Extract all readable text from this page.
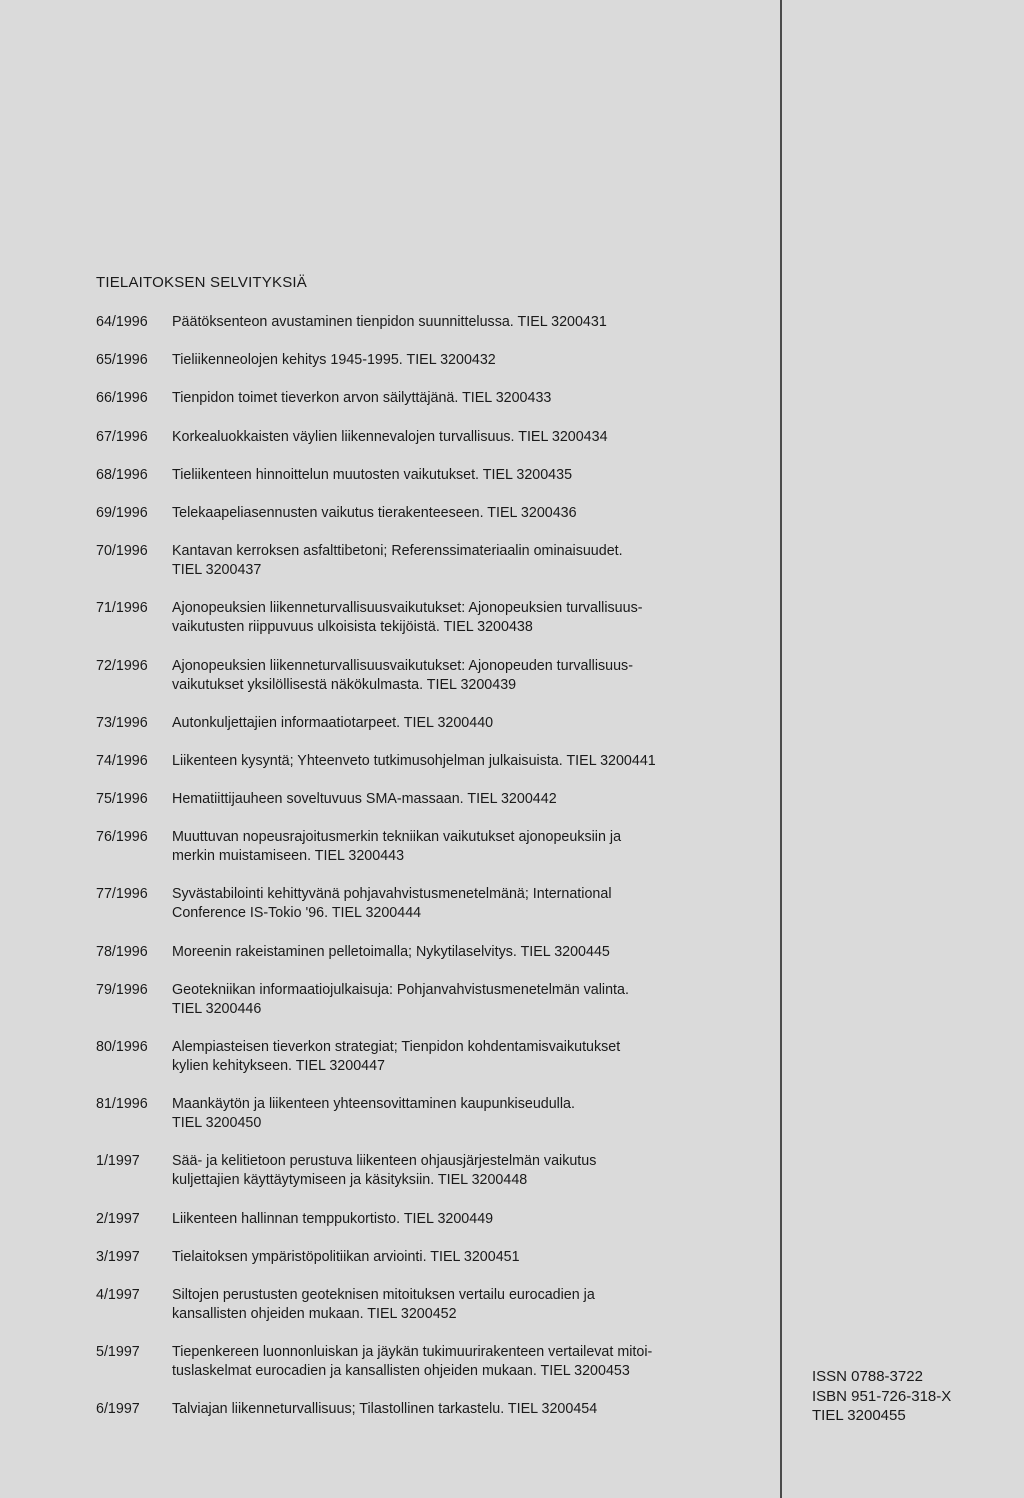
TIELAITOKSEN SELVITYKSIÄ
64/1996	Päätöksenteon avustaminen tienpidon suunnittelussa. TIEL 3200431
65/1996	Tieliikenneolojen kehitys 1945-1995. TIEL 3200432
66/1996	Tienpidon toimet tieverkon arvon säilyttäjänä. TIEL 3200433
67/1996	Korkealuokkaisten väylien liikennevalojen turvallisuus. TIEL 3200434
68/1996	Tieliikenteen hinnoittelun muutosten vaikutukset. TIEL 3200435
69/1996	Telekaapeliasennusten vaikutus tierakenteeseen. TIEL 3200436
70/1996	Kantavan kerroksen asfalttibetoni; Referenssimateriaalin ominaisuudet.
TIEL 3200437
71/1996	Ajonopeuksien liikenneturvallisuusvaikutukset: Ajonopeuksien turvallisuus-
vaikutusten riippuvuus ulkoisista tekijöistä. TIEL 3200438
72/1996	Ajonopeuksien liikenneturvallisuusvaikutukset: Ajonopeuden turvallisuus-
vaikutukset yksilöllisestä näkökulmasta. TIEL 3200439
73/1996	Autonkuljettajien informaatiotarpeet. TIEL 3200440
74/1996	Liikenteen kysyntä; Yhteenveto tutkimusohjelman julkaisuista. TIEL 3200441
75/1996	Hematiittijauheen soveltuvuus SMA-massaan. TIEL 3200442
76/1996	Muuttuvan nopeusrajoitusmerkin tekniikan vaikutukset ajonopeuksiin ja
merkin muistamiseen. TIEL 3200443
77/1996	Syvästabilointi kehittyvänä pohjavahvistusmenetelmänä; International
Conference IS-Tokio '96. TIEL 3200444
78/1996	Moreenin rakeistaminen pelletoimalla; Nykytilaselvitys. TIEL 3200445
79/1996	Geotekniikan informaatiojulkaisuja: Pohjanvahvistusmenetelmän valinta.
TIEL 3200446
80/1996	Alempiasteisen tieverkon strategiat; Tienpidon kohdentamisvaikutukset
kylien kehitykseen. TIEL 3200447
81/1996	Maankäytön ja liikenteen yhteensovittaminen kaupunkiseudulla.
TIEL 3200450
1/1997	Sää- ja kelitietoon perustuva liikenteen ohjausjärjestelmän vaikutus
kuljettajien käyttäytymiseen ja käsityksiin. TIEL 3200448
2/1997	Liikenteen hallinnan temppukortisto. TIEL 3200449
3/1997	Tielaitoksen ympäristöpolitiikan arviointi. TIEL 3200451
4/1997	Siltojen perustusten geoteknisen mitoituksen vertailu eurocadien ja
kansallisten ohjeiden mukaan. TIEL 3200452
5/1997	Tiepenkereen luonnonluiskan ja jäykän tukimuurirakenteen vertailevat mitoi-
tuslaskelmat eurocadien ja kansallisten ohjeiden mukaan. TIEL 3200453
6/1997	Talviajan liikenneturvallisuus; Tilastollinen tarkastelu. TIEL 3200454
ISSN 0788-3722
ISBN 951-726-318-X
TIEL 3200455
